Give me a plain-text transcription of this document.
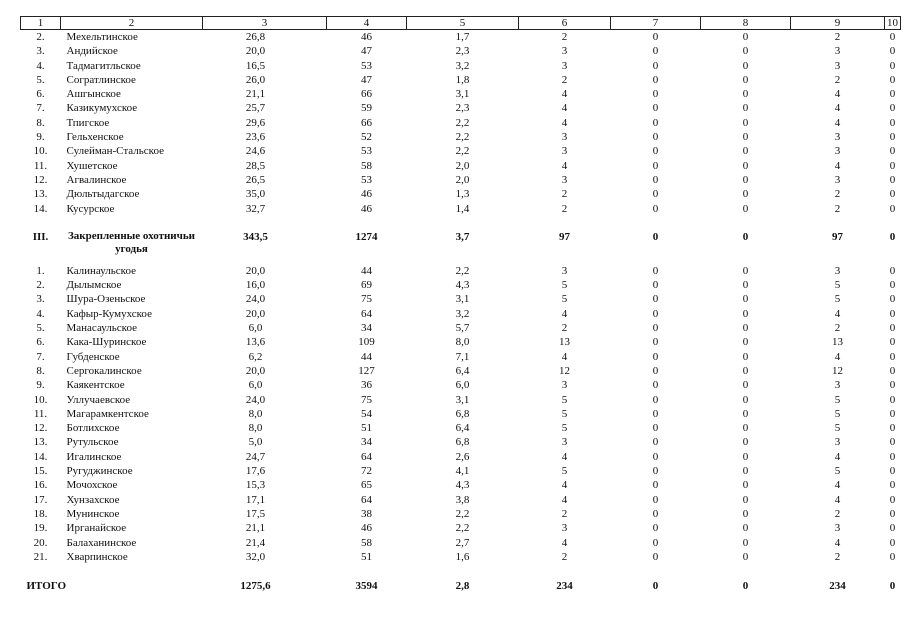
1	2	3	4	5	6	7	8	9	10
2.	Мехельтинское	26,8	46	1,7	2	0	0	2	0
3.	Андийское	20,0	47	2,3	3	0	0	3	0
4.	Тадмагитльское	16,5	53	3,2	3	0	0	3	0
5.	Согратлинское	26,0	47	1,8	2	0	0	2	0
6.	Ашгынское	21,1	66	3,1	4	0	0	4	0
7.	Казикумухское	25,7	59	2,3	4	0	0	4	0
8.	Тпигское	29,6	66	2,2	4	0	0	4	0
9.	Гельхенское	23,6	52	2,2	3	0	0	3	0
10.	Сулейман-Стальское	24,6	53	2,2	3	0	0	3	0
11.	Хушетское	28,5	58	2,0	4	0	0	4	0
12.	Агвалинское	26,5	53	2,0	3	0	0	3	0
13.	Дюльтыдагское	35,0	46	1,3	2	0	0	2	0
14.	Кусурское	32,7	46	1,4	2	0	0	2	0

III.	Закрепленные охотничьи угодья	343,5	1274	3,7	97	0	0	97	0

1.	Калинаульское	20,0	44	2,2	3	0	0	3	0
2.	Дылымское	16,0	69	4,3	5	0	0	5	0
3.	Шура-Озеньское	24,0	75	3,1	5	0	0	5	0
4.	Кафыр-Кумухское	20,0	64	3,2	4	0	0	4	0
5.	Манасаульское	6,0	34	5,7	2	0	0	2	0
6.	Кака-Шуринское	13,6	109	8,0	13	0	0	13	0
7.	Губденское	6,2	44	7,1	4	0	0	4	0
8.	Сергокалинское	20,0	127	6,4	12	0	0	12	0
9.	Каякентское	6,0	36	6,0	3	0	0	3	0
10.	Уллучаевское	24,0	75	3,1	5	0	0	5	0
11.	Магарамкентское	8,0	54	6,8	5	0	0	5	0
12.	Ботлихское	8,0	51	6,4	5	0	0	5	0
13.	Рутульское	5,0	34	6,8	3	0	0	3	0
14.	Игалинское	24,7	64	2,6	4	0	0	4	0
15.	Ругуджинское	17,6	72	4,1	5	0	0	5	0
16.	Мочохское	15,3	65	4,3	4	0	0	4	0
17.	Хунзахское	17,1	64	3,8	4	0	0	4	0
18.	Мунинское	17,5	38	2,2	2	0	0	2	0
19.	Ирганайское	21,1	46	2,2	3	0	0	3	0
20.	Балаханинское	21,4	58	2,7	4	0	0	4	0
21.	Хварпинское	32,0	51	1,6	2	0	0	2	0

ИТОГО		1275,6	3594	2,8	234	0	0	234	0
